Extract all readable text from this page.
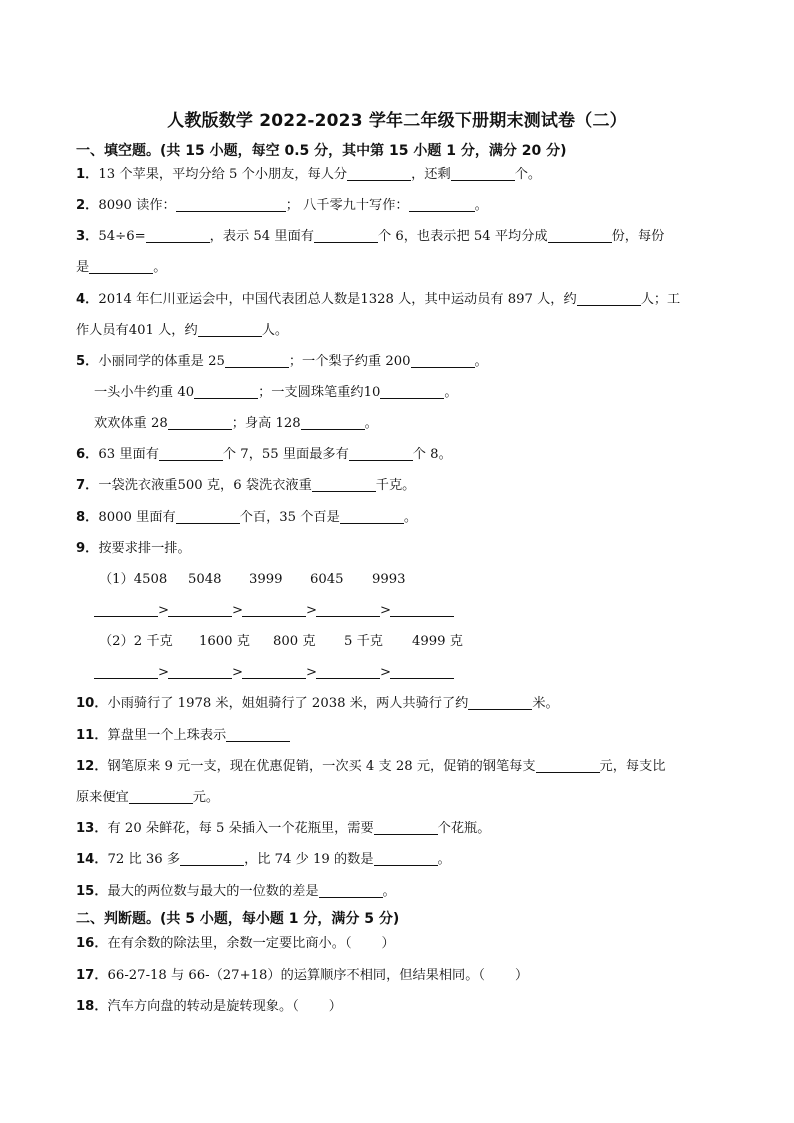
人教版数学 2022-2023 学年二年级下册期末测试卷（二）
一、填空题。(共 15 小题，每空 0.5 分，其中第 15 小题 1 分，满分 20 分)
1．13 个苹果，平均分给 5 个小朋友，每人分	，还剩	个。
2．8090 读作：	； 八千零九十写作：	。
3．54÷6=	，表示 54 里面有	个 6，也表示把 54 平均分成	份，每份
是	。
4．2014 年仁川亚运会中，中国代表团总人数是1328 人，其中运动员有 897 人，约	人；工
作人员有401 人，约	人。
5．小丽同学的体重是 25	；一个梨子约重 200	。
一头小牛约重 40	；一支圆珠笔重约10	。
欢欢体重 28	；身高 128	。
6．63 里面有	个 7，55 里面最多有	个 8。
7．一袋洗衣液重500 克，6 袋洗衣液重	千克。
8．8000 里面有	个百，35 个百是	。
9．按要求排一排。
（1）4508 5048 3999 6045 9993
>	>	>	>
（2）2 千克 1600 克 800 克 5 千克 4999 克
>	>	>	>
10．小雨骑行了 1978 米，姐姐骑行了 2038 米，两人共骑行了约	米。
11．算盘里一个上珠表示
12．钢笔原来 9 元一支，现在优惠促销，一次买 4 支 28 元，促销的钢笔每支	元，每支比
原来便宜	元。
13．有 20 朵鲜花，每 5 朵插入一个花瓶里，需要	个花瓶。
14．72 比 36 多	，比 74 少 19 的数是	。
15．最大的两位数与最大的一位数的差是	。
二、判断题。(共 5 小题，每小题 1 分，满分 5 分)
16．在有余数的除法里，余数一定要比商小。（ ）
17．66-27-18 与 66-（27+18）的运算顺序不相同，但结果相同。（ ）
18．汽车方向盘的转动是旋转现象。（ ）
